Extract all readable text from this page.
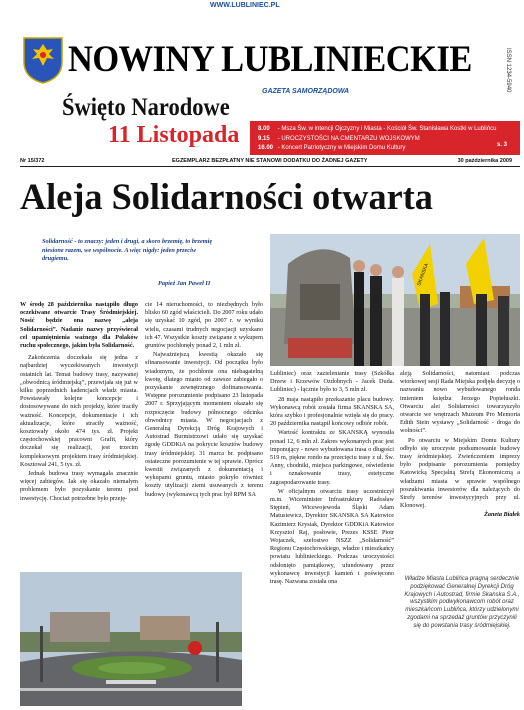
WWW.LUBLINIEC.PL
NOWINY LUBLINIECKIE	ISSN 1234-5940
GAZETA SAMORZĄDOWA
Święto Narodowe
11 Listopada	8.00 - Msza Św. w intencji Ojczyzny i Miasta - Kościół Św. Stanisława Kostki w Lublińcu
9.15 - UROCZYSTOŚCI NA CMENTARZU WOJSKOWYM
16.00 - Koncert Patriotyczny w Miejskim Domu Kultury	s. 3
Nr 15/372	EGZEMPLARZ BEZPŁATNY NIE STANOWI DODATKU DO ŻADNEJ GAZETY	30 października 2009
Aleja Solidarności otwarta
Solidarność - to znaczy: jeden i drugi, a skoro brzemię, to brzemię niesione razem, we wspólnocie. A więc nigdy: jeden przeciw drugiemu.
Papież Jan Paweł II	SKANSKA

W środę 28 października nastąpiło długo oczekiwane otwarcie Trasy Śródmiejskiej. Nosić będzie ona nazwę „aleja Solidarności”. Nadanie nazwy przyświecał cel upamiętnienia ważnego dla Polaków ruchu społecznego, jakim była Solidarność.

Zakończenia doczekała się jedna z najbardziej wyczekiwanych inwestycji ostatnich lat. Temat budowy trasy, nazywanej „obwodnicą śródmiejską”, przewijała się już w kilku poprzednich kadencjach władz miasta. Powstawały kolejne koncepcje i dostosowywane do nich projekty, które traciły ważność. Koncepcje, dokumentacje i ich aktualizacje, które straciły ważność, kosztowały około 474 tys. zł. Projekt częstochowskiej pracowni Grafit, który doczekał się realizacji, jest trzecim kompleksowym projektem trasy śródmiejskiej. Kosztował 241, 5 tys. zł.

Jednak budowa trasy wymagała znacznie więcej zabiegów. Jak się okazało niemałym problemem było pozyskanie terenu pod inwestycję. Chociaż potrzebne było przeję-

cie 14 nieruchomości, to niezbędnych było blisko 60 zgód właścicieli. Do 2007 roku udało się uzyskać 10 zgód, po 2007 r. w wyniku wielu, czasami trudnych negocjacji uzyskano ich 47. Wszystkie koszty związane z wykupem gruntów pochłonęły ponad 2, 1 mln zł.

Najważniejszą kwestią okazało się sfinansowanie inwestycji. Od początku było wiadomym, że pochłonie ona niebagatelną kwotę, dlatego miasto od zawsze zabiegało o pozyskanie zewnętrznego dofinansowania. Wstępne porozumienie podpisano 23 listopada 2007 r. Sprzyjającym momentem okazało się rozpoczęcie budowy północnego odcinka obwodnicy miasta. W negocjacjach z Generalną Dyrekcją Dróg Krajowych i Autostrad Burmistrzowi udało się uzyskać zgodę GDDKiA na pokrycie kosztów budowy trasy śródmiejskiej. 31 marca br. podpisano ostateczne porozumienie w tej sprawie. Oprócz kwestii związanych z dokumentacją i wykupami gruntu, miasto pokryło również koszty utylizacji ziemi usuwanych z terenu budowy (wykonawcą tych prac był RPM SA

Lubliniec) oraz zazielenianie trasy (Szkółka Drzew i Krzewów Ozdobnych - Jacek Duda. Lubliniec) - łącznie było to 3, 5 mln zł.

28 maja nastąpiło przekazanie placu budowy. Wykonawcą robót została firma SKANSKA SA, która szybko i profesjonalnie wzięła się do pracy. 20 października nastąpił końcowy odbiór robót.

Wartość kontraktu ze SKANSKĄ wynosiła ponad 12, 6 mln zł. Zakres wykonanych prac jest imponujący - nowo wybudowana trasa o długości 519 m, piękne rondo na przecięciu trasy z ul. Św. Anny, chodniki, miejsca parkingowe, oświetlenie i oznakowanie trasy, estetyczne zagospodarowanie trasy.

W oficjalnym otwarciu trasy uczestniczył m.in. Wiceminister Infrastruktury Radosław Stępień, Wicewojewoda Śląski Adam Matusiewicz, Dyrektor SKANSKA SA Katowice Kazimierz Krysiak, Dyrektor GDDKiA Katowice Krzysztof Raj, posłowie, Prezes KSSE Piotr Wojaczek, szefostwo NSZZ „Solidarność” Regionu Częstochowskiego, władze i mieszkańcy powiatu lublinieckiego. Podczas uroczystości odsłonięto pamiątkowy, ufundowany przez wykonawcę inwestycji kamień i poświęcono trasę. Nazwana została ona

aleją Solidarności, natomiast podczas wtorkowej sesji Rada Miejska podjęła decyzję o nazwaniu nowo wybudowanego ronda imieniem księdza Jerzego Popiełuszki. Otwarciu alei Solidarności towarzyszyło otwarcie we wnętrzach Muzeum Pro Memoria Edith Stein wystawy „Solidarność - droga do wolności”.

Po otwarciu w Miejskim Domu Kultury odbyło się uroczyste podsumowanie budowy trasy śródmiejskiej. Zwieńczeniem imprezy było podpisanie porozumienia pomiędzy Katowicką Specjalną Strefą Ekonomiczną a władzami miasta w sprawie wspólnego poszukiwania inwestorów dla należących do Strefy terenów inwestycyjnych przy ul. Klonowej.

Żaneta Białek

Władze Miasta Lublińca pragną serdecznie podziękować Generalnej Dyrekcji Dróg Krajowych i Autostrad, firmie Skanska S.A., wszystkim podwykonawcom robót oraz mieszkańcom Lublińca, którzy udzielonymi zgodami na sprzedaż gruntów przyczynili się do powstania trasy śródmiejskiej.
